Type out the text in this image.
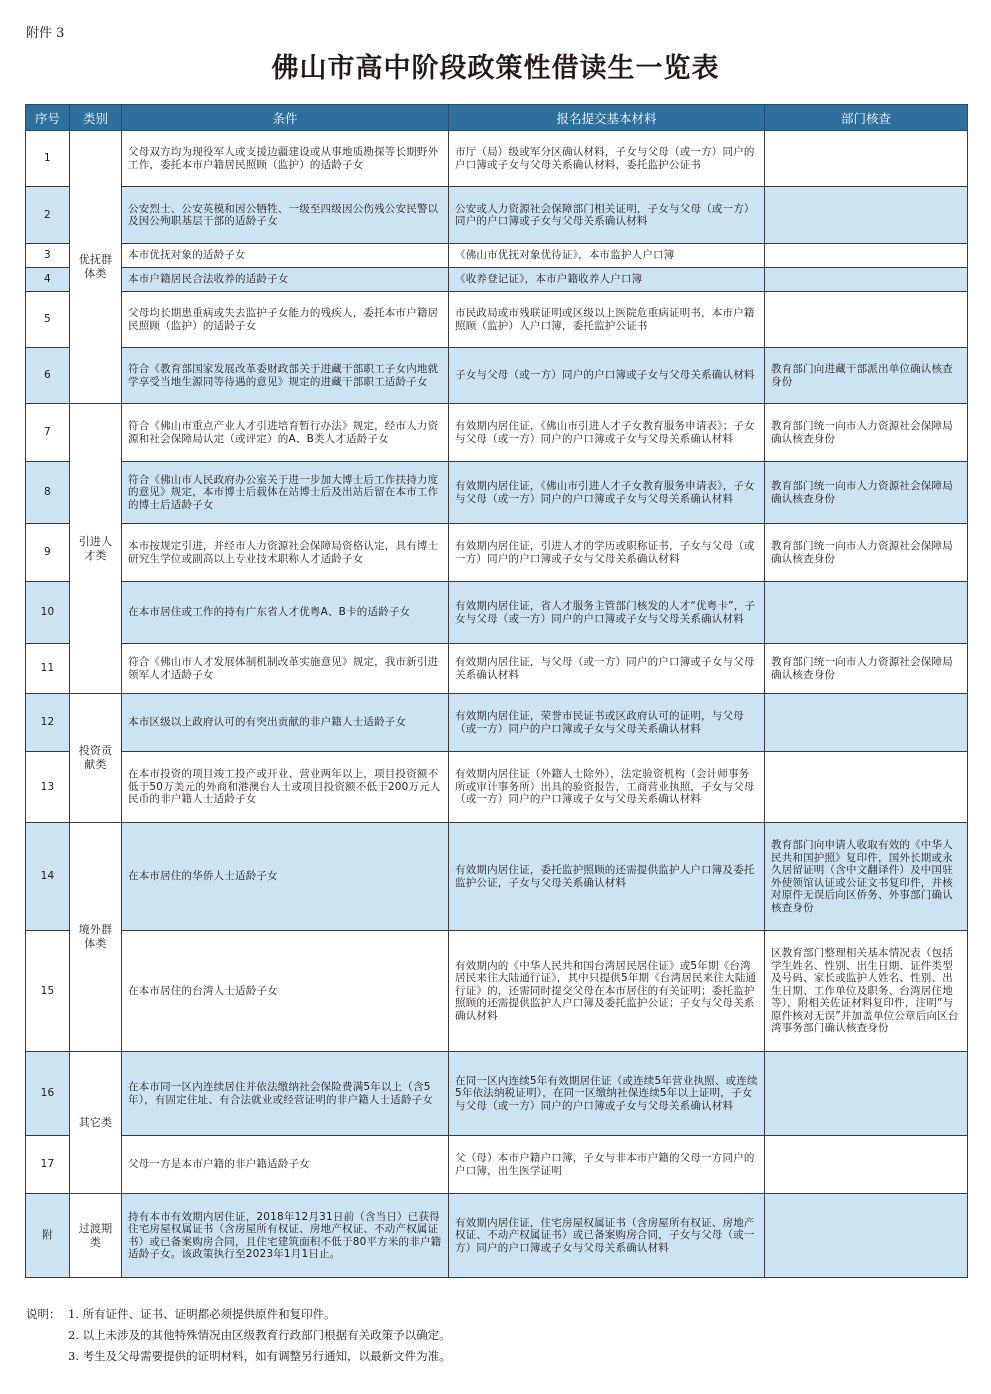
附件 3
佛山市高中阶段政策性借读生一览表
序号	类别	条件	报名提交基本材料	部门核查
1	优抚群体类	父母双方均为现役军人或支援边疆建设或从事地质勘探等长期野外工作，委托本市户籍居民照顾（监护）的适龄子女	市厅（局）级或军分区确认材料，子女与父母（或一方）同户的户口簿或子女与父母关系确认材料，委托监护公证书	
2		公安烈士、公安英模和因公牺牲、一级至四级因公伤残公安民警以及因公殉职基层干部的适龄子女	公安或人力资源社会保障部门相关证明，子女与父母（或一方）同户的户口簿或子女与父母关系确认材料	
3		本市优抚对象的适龄子女	《佛山市优抚对象优待证》，本市监护人户口簿	
4		本市户籍居民合法收养的适龄子女	《收养登记证》，本市户籍收养人户口簿	
5		父母均长期患重病或失去监护子女能力的残疾人，委托本市户籍居民照顾（监护）的适龄子女	市民政局或市残联证明或区级以上医院危重病证明书，本市户籍照顾（监护）人户口簿，委托监护公证书	
6		符合《教育部国家发展改革委财政部关于进藏干部职工子女内地就学享受当地生源同等待遇的意见》规定的进藏干部职工适龄子女	子女与父母（或一方）同户的户口簿或子女与父母关系确认材料	教育部门向进藏干部派出单位确认核查身份
7	引进人才类	符合《佛山市重点产业人才引进培育暂行办法》规定，经市人力资源和社会保障局认定（或评定）的A、B类人才适龄子女	有效期内居住证，《佛山市引进人才子女教育服务申请表》；子女与父母（或一方）同户的户口簿或子女与父母关系确认材料	教育部门统一向市人力资源社会保障局确认核查身份
8		符合《佛山市人民政府办公室关于进一步加大博士后工作扶持力度的意见》规定，本市博士后载体在站博士后及出站后留在本市工作的博士后适龄子女	有效期内居住证，《佛山市引进人才子女教育服务申请表》，子女与父母（或一方）同户的户口簿或子女与父母关系确认材料	教育部门统一向市人力资源社会保障局确认核查身份
9		本市按规定引进，并经市人力资源社会保障局资格认定，具有博士研究生学位或副高以上专业技术职称人才适龄子女	有效期内居住证，引进人才的学历或职称证书，子女与父母（或一方）同户的户口簿或子女与父母关系确认材料	教育部门统一向市人力资源社会保障局确认核查身份
10		在本市居住或工作的持有广东省人才优粤A、B卡的适龄子女	有效期内居住证，省人才服务主管部门核发的人才“优粤卡”，子女与父母（或一方）同户的户口簿或子女与父母关系确认材料	
11		符合《佛山市人才发展体制机制改革实施意见》规定，我市新引进领军人才适龄子女	有效期内居住证，与父母（或一方）同户的户口簿或子女与父母关系确认材料	教育部门统一向市人力资源社会保障局确认核查身份
12	投资贡献类	本市区级以上政府认可的有突出贡献的非户籍人士适龄子女	有效期内居住证，荣誉市民证书或区政府认可的证明，与父母（或一方）同户的户口簿或子女与父母关系确认材料	
13		在本市投资的项目竣工投产或开业、营业两年以上，项目投资额不低于50万美元的外商和港澳台人士或项目投资额不低于200万元人民币的非户籍人士适龄子女	有效期内居住证（外籍人士除外），法定验资机构（会计师事务所或审计事务所）出具的验资报告，工商营业执照，子女与父母（或一方）同户的户口簿或子女与父母关系确认材料	
14	境外群体类	在本市居住的华侨人士适龄子女	有效期内居住证，委托监护照顾的还需提供监护人户口簿及委托监护公证，子女与父母关系确认材料	教育部门向申请人收取有效的《中华人民共和国护照》复印件，国外长期或永久居留证明（含中文翻译件）及中国驻外使领馆认证或公证文书复印件，并核对原件无误后向区侨务、外事部门确认核查身份
15		在本市居住的台湾人士适龄子女	有效期内的《中华人民共和国台湾居民居住证》或5年期《台湾居民来往大陆通行证》，其中只提供5年期《台湾居民来往大陆通行证》的，还需同时提交父母在本市居住的有关证明；委托监护照顾的还需提供监护人户口簿及委托监护公证；子女与父母关系确认材料	区教育部门整理相关基本情况表（包括学生姓名、性别、出生日期、证件类型及号码、家长或监护人姓名、性别、出生日期、工作单位及职务、台湾居住地等），附相关佐证材料复印件，注明“与原件核对无误”并加盖单位公章后向区台湾事务部门确认核查身份
16	其它类	在本市同一区内连续居住并依法缴纳社会保险费满5年以上（含5年），有固定住址、有合法就业或经营证明的非户籍人士适龄子女	在同一区内连续5年有效期居住证（或连续5年营业执照、或连续5年依法纳税证明），在同一区缴纳社保连续5年以上证明，子女与父母（或一方）同户的户口簿或子女与父母关系确认材料	
17		父母一方是本市户籍的非户籍适龄子女	父（母）本市户籍户口簿，子女与非本市户籍的父母一方同户的户口簿，出生医学证明	
附	过渡期类	持有本市有效期内居住证，2018年12月31日前（含当日）已获得住宅房屋权属证书（含房屋所有权证、房地产权证、不动产权属证书）或已备案购房合同，且住宅建筑面积不低于80平方米的非户籍适龄子女。该政策执行至2023年1月1日止。	有效期内居住证，住宅房屋权属证书（含房屋所有权证、房地产权证、不动产权属证书）或已备案购房合同，子女与父母（或一方）同户的户口簿或子女与父母关系确认材料	
说明： 1. 所有证件、证书、证明都必须提供原件和复印件。
2. 以上未涉及的其他特殊情况由区级教育行政部门根据有关政策予以确定。
3. 考生及父母需要提供的证明材料，如有调整另行通知，以最新文件为准。
